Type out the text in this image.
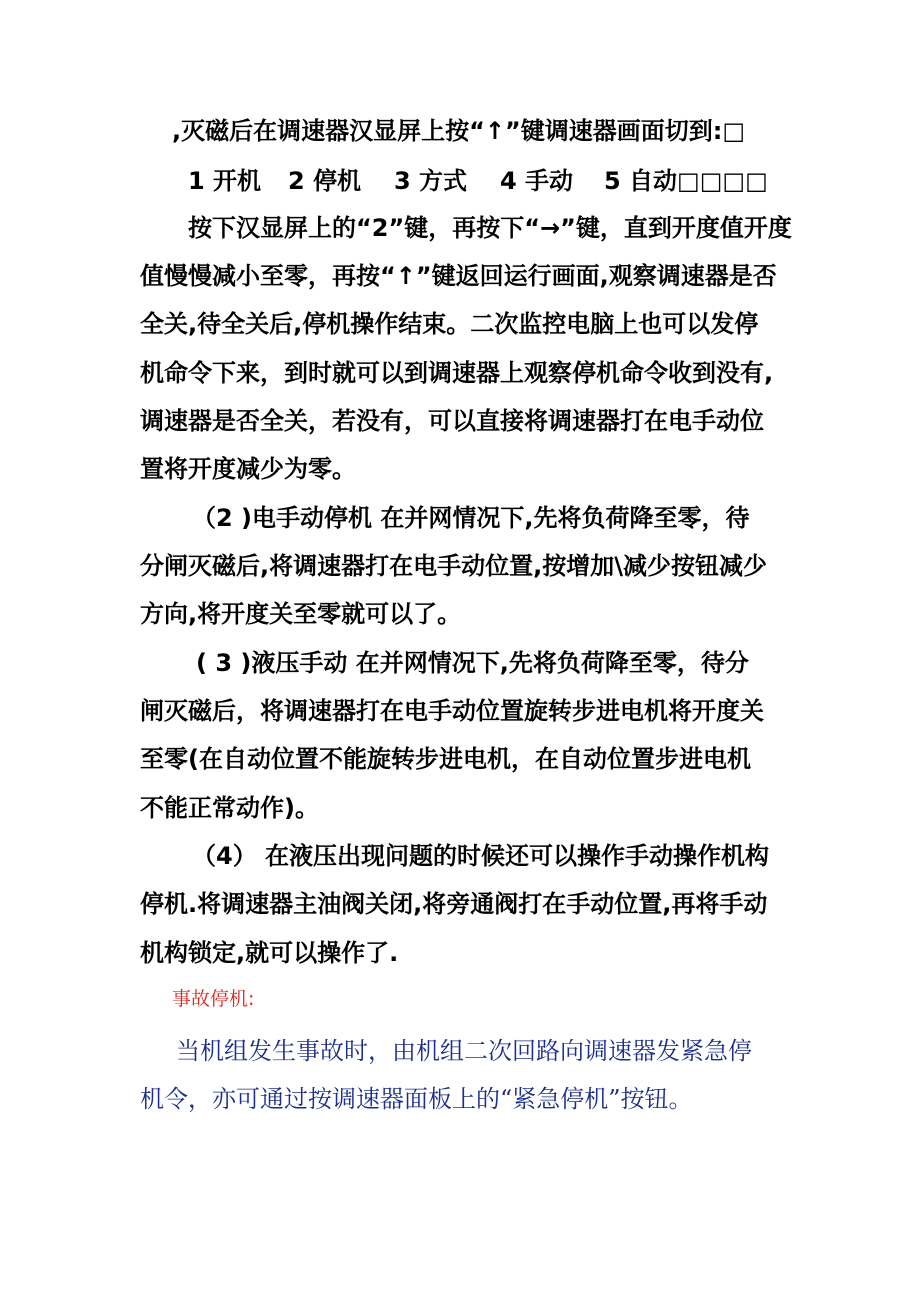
,灭磁后在调速器汉显屏上按“↑”键调速器画面切到:□
1 开机 2 停机 3 方式 4 手动 5 自动□□□□
按下汉显屏上的“2”键，再按下“→”键，直到开度值开度
值慢慢减小至零，再按“↑”键返回运行画面,观察调速器是否
全关,待全关后,停机操作结束。二次监控电脑上也可以发停
机命令下来，到时就可以到调速器上观察停机命令收到没有,
调速器是否全关，若没有，可以直接将调速器打在电手动位
置将开度减少为零。
（2 )电手动停机 在并网情况下,先将负荷降至零，待
分闸灭磁后,将调速器打在电手动位置,按增加\减少按钮减少
方向,将开度关至零就可以了。
( 3 )液压手动 在并网情况下,先将负荷降至零，待分
闸灭磁后，将调速器打在电手动位置旋转步进电机将开度关
至零(在自动位置不能旋转步进电机，在自动位置步进电机
不能正常动作)。
（4） 在液压出现问题的时候还可以操作手动操作机构
停机.将调速器主油阀关闭,将旁通阀打在手动位置,再将手动
机构锁定,就可以操作了.
事故停机:
当机组发生事故时，由机组二次回路向调速器发紧急停
机令，亦可通过按调速器面板上的“紧急停机”按钮。
